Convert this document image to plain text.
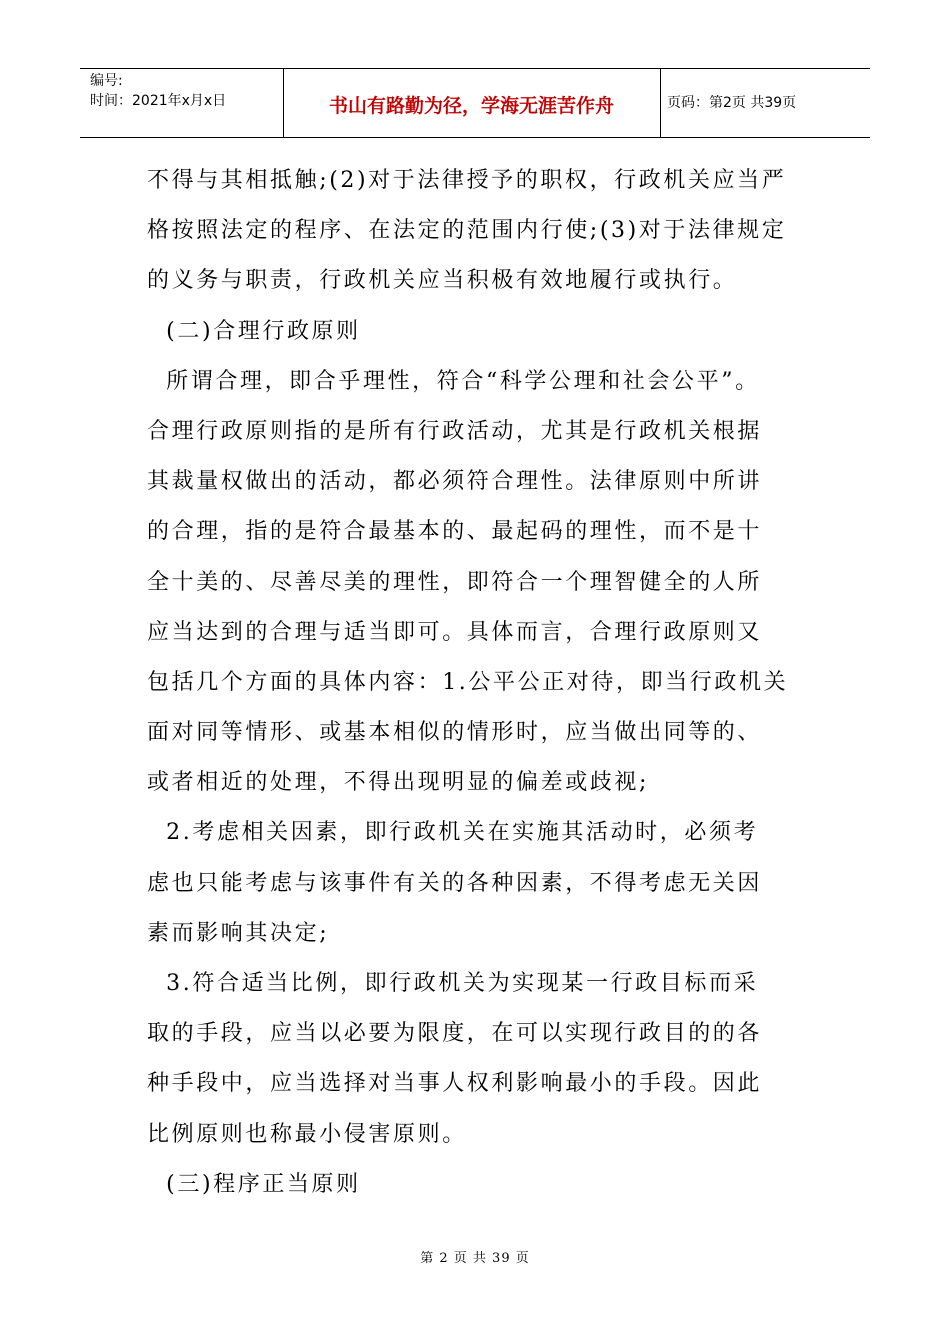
编号:
时间：2021年x月x日	书山有路勤为径，学海无涯苦作舟	页码：第2页 共39页
不得与其相抵触;(2)对于法律授予的职权，行政机关应当严
格按照法定的程序、在法定的范围内行使;(3)对于法律规定
的义务与职责，行政机关应当积极有效地履行或执行。
(二)合理行政原则
所谓合理，即合乎理性，符合“科学公理和社会公平”。
合理行政原则指的是所有行政活动，尤其是行政机关根据
其裁量权做出的活动，都必须符合理性。法律原则中所讲
的合理，指的是符合最基本的、最起码的理性，而不是十
全十美的、尽善尽美的理性，即符合一个理智健全的人所
应当达到的合理与适当即可。具体而言，合理行政原则又
包括几个方面的具体内容：1.公平公正对待，即当行政机关
面对同等情形、或基本相似的情形时，应当做出同等的、
或者相近的处理，不得出现明显的偏差或歧视;
2.考虑相关因素，即行政机关在实施其活动时，必须考
虑也只能考虑与该事件有关的各种因素，不得考虑无关因
素而影响其决定;
3.符合适当比例，即行政机关为实现某一行政目标而采
取的手段，应当以必要为限度，在可以实现行政目的的各
种手段中，应当选择对当事人权利影响最小的手段。因此
比例原则也称最小侵害原则。
(三)程序正当原则
第 2 页 共 39 页
